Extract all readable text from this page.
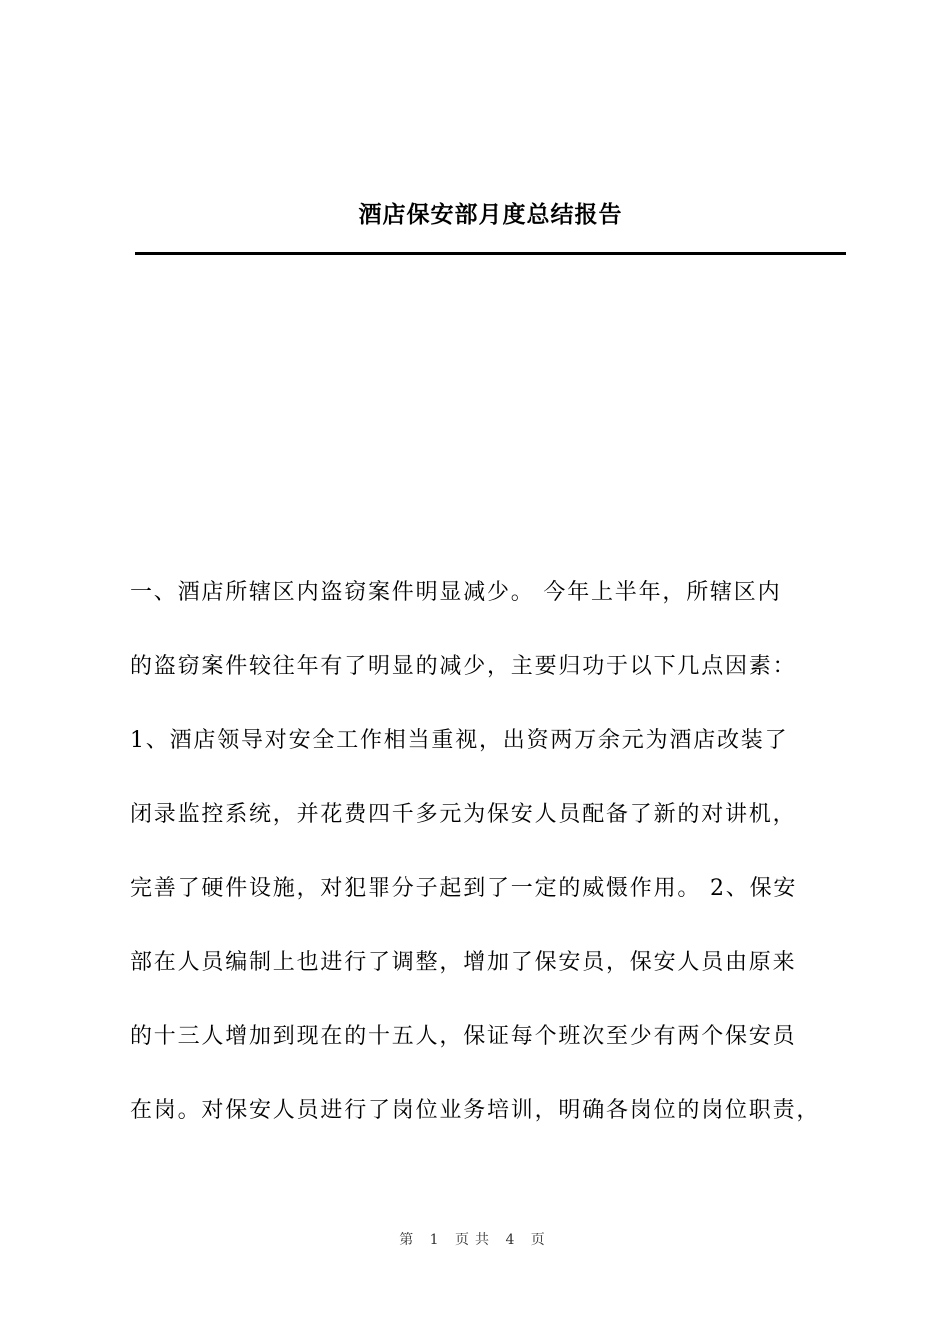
酒店保安部月度总结报告
一、酒店所辖区内盗窃案件明显减少。 今年上半年，所辖区内
的盗窃案件较往年有了明显的减少，主要归功于以下几点因素：
1、酒店领导对安全工作相当重视，出资两万余元为酒店改装了
闭录监控系统，并花费四千多元为保安人员配备了新的对讲机，
完善了硬件设施，对犯罪分子起到了一定的威慑作用。 2、保安
部在人员编制上也进行了调整，增加了保安员，保安人员由原来
的十三人增加到现在的十五人，保证每个班次至少有两个保安员
在岗。对保安人员进行了岗位业务培训，明确各岗位的岗位职责，
第 1 页共 4 页
